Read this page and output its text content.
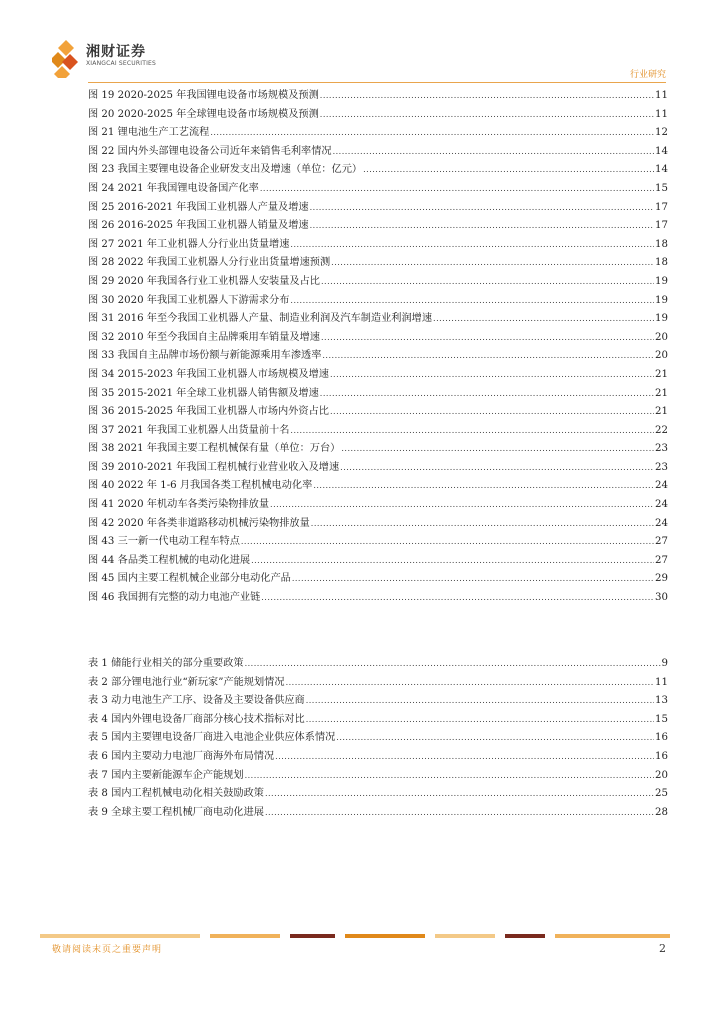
湘财证券
XIANGCAI SECURITIES
行业研究
图 19 2020-2025 年我国锂电设备市场规模及预测 .....	11
图 20 2020-2025 年全球锂电设备市场规模及预测 .....	11
图 21 锂电池生产工艺流程 .....	12
图 22 国内外头部锂电设备公司近年来销售毛利率情况 .....	14
图 23 我国主要锂电设备企业研发支出及增速（单位：亿元） .....	14
图 24 2021 年我国锂电设备国产化率 .....	15
图 25 2016-2021 年我国工业机器人产量及增速 .....	17
图 26 2016-2025 年我国工业机器人销量及增速 .....	17
图 27 2021 年工业机器人分行业出货量增速 .....	18
图 28 2022 年我国工业机器人分行业出货量增速预测 .....	18
图 29 2020 年我国各行业工业机器人安装量及占比 .....	19
图 30 2020 年我国工业机器人下游需求分布 .....	19
图 31 2016 年至今我国工业机器人产量、制造业利润及汽车制造业利润增速 .....	19
图 32 2010 年至今我国自主品牌乘用车销量及增速 .....	20
图 33 我国自主品牌市场份额与新能源乘用车渗透率 .....	20
图 34 2015-2023 年我国工业机器人市场规模及增速 .....	21
图 35 2015-2021 年全球工业机器人销售额及增速 .....	21
图 36 2015-2025 年我国工业机器人市场内外资占比 .....	21
图 37 2021 年我国工业机器人出货量前十名 .....	22
图 38 2021 年我国主要工程机械保有量（单位：万台） .....	23
图 39 2010-2021 年我国工程机械行业营业收入及增速 .....	23
图 40 2022 年 1-6 月我国各类工程机械电动化率 .....	24
图 41 2020 年机动车各类污染物排放量 .....	24
图 42 2020 年各类非道路移动机械污染物排放量 .....	24
图 43 三一新一代电动工程车特点 .....	27
图 44 各品类工程机械的电动化进展 .....	27
图 45 国内主要工程机械企业部分电动化产品 .....	29
图 46 我国拥有完整的动力电池产业链 .....	30
表 1 储能行业相关的部分重要政策 .....	9
表 2 部分锂电池行业“新玩家”产能规划情况 .....	11
表 3 动力电池生产工序、设备及主要设备供应商 .....	13
表 4 国内外锂电设备厂商部分核心技术指标对比 .....	15
表 5 国内主要锂电设备厂商进入电池企业供应体系情况 .....	16
表 6 国内主要动力电池厂商海外布局情况 .....	16
表 7 国内主要新能源车企产能规划 .....	20
表 8 国内工程机械电动化相关鼓励政策 .....	25
表 9 全球主要工程机械厂商电动化进展 .....	28
敬请阅读末页之重要声明	2
